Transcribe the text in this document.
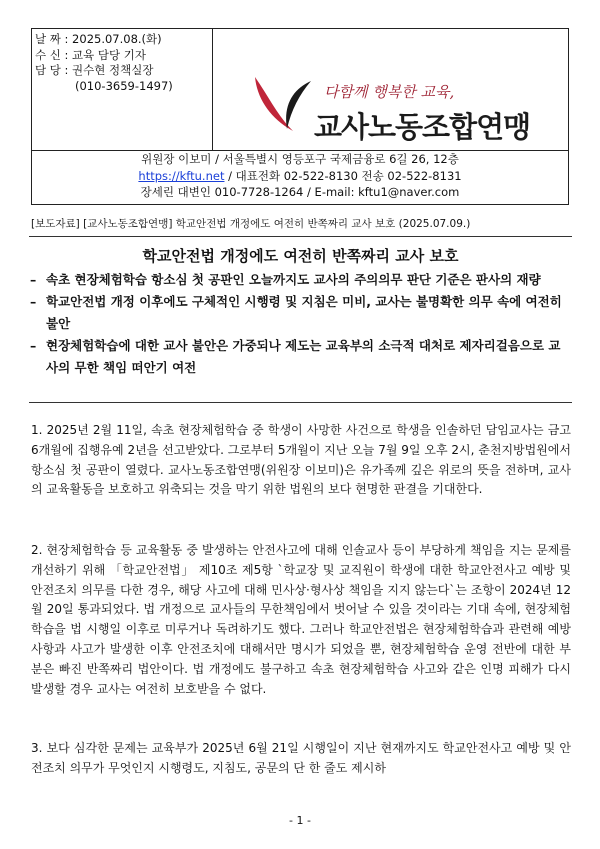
날 짜 : 2025.07.08.(화)
수 신 : 교육 담당 기자
담 당 : 권수현 정책실장
(010-3659-1497)	다함께 행복한 교육,
교사노동조합연맹
위원장 이보미 / 서울특별시 영등포구 국제금융로 6길 26, 12층
https://kftu.net / 대표전화 02-522-8130 전송 02-522-8131
장세린 대변인 010-7728-1264 / E-mail: kftu1@naver.com
[보도자료] [교사노동조합연맹] 학교안전법 개정에도 여전히 반쪽짜리 교사 보호 (2025.07.09.)
학교안전법 개정에도 여전히 반쪽짜리 교사 보호
– 속초 현장체험학습 항소심 첫 공판인 오늘까지도 교사의 주의의무 판단 기준은 판사의 재량
– 학교안전법 개정 이후에도 구체적인 시행령 및 지침은 미비, 교사는 불명확한 의무 속에 여전히 불안
– 현장체험학습에 대한 교사 불안은 가중되나 제도는 교육부의 소극적 대처로 제자리걸음으로 교사의 무한 책임 떠안기 여전
1. 2025년 2월 11일, 속초 현장체험학습 중 학생이 사망한 사건으로 학생을 인솔하던 담임교사는 금고 6개월에 집행유예 2년을 선고받았다. 그로부터 5개월이 지난 오늘 7월 9일 오후 2시, 춘천지방법원에서 항소심 첫 공판이 열렸다. 교사노동조합연맹(위원장 이보미)은 유가족께 깊은 위로의 뜻을 전하며, 교사의 교육활동을 보호하고 위축되는 것을 막기 위한 법원의 보다 현명한 판결을 기대한다.
2. 현장체험학습 등 교육활동 중 발생하는 안전사고에 대해 인솔교사 등이 부당하게 책임을 지는 문제를 개선하기 위해 「학교안전법」 제10조 제5항 `학교장 및 교직원이 학생에 대한 학교안전사고 예방 및 안전조치 의무를 다한 경우, 해당 사고에 대해 민사상·형사상 책임을 지지 않는다`는 조항이 2024년 12월 20일 통과되었다. 법 개정으로 교사들의 무한책임에서 벗어날 수 있을 것이라는 기대 속에, 현장체험학습을 법 시행일 이후로 미루거나 독려하기도 했다. 그러나 학교안전법은 현장체험학습과 관련해 예방사항과 사고가 발생한 이후 안전조치에 대해서만 명시가 되었을 뿐, 현장체험학습 운영 전반에 대한 부분은 빠진 반쪽짜리 법안이다. 법 개정에도 불구하고 속초 현장체험학습 사고와 같은 인명 피해가 다시 발생할 경우 교사는 여전히 보호받을 수 없다.
3. 보다 심각한 문제는 교육부가 2025년 6월 21일 시행일이 지난 현재까지도 학교안전사고 예방 및 안전조치 의무가 무엇인지 시행령도, 지침도, 공문의 단 한 줄도 제시하
- 1 -
